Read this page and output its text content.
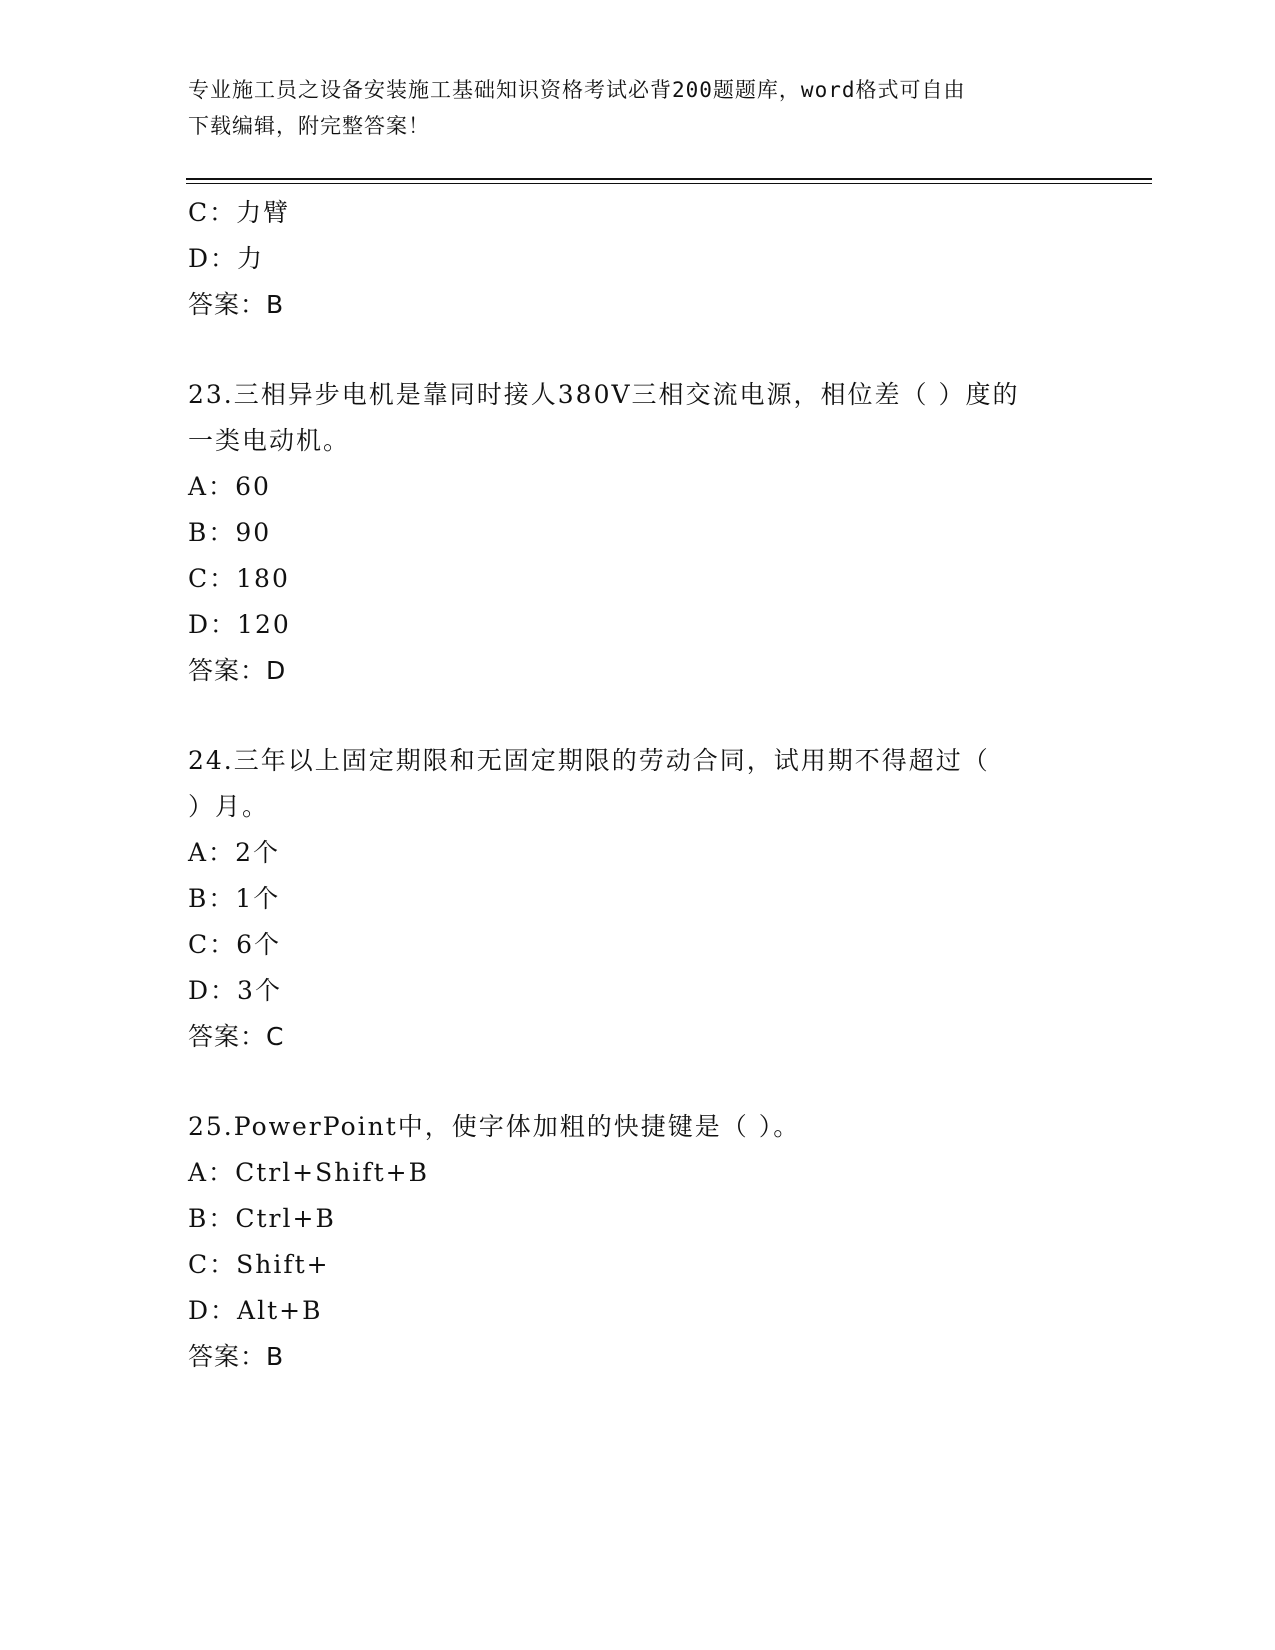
专业施工员之设备安装施工基础知识资格考试必背200题题库，word格式可自由
下载编辑，附完整答案！
C：力臂
D：力
答案：B
23.三相异步电机是靠同时接人380V三相交流电源，相位差（ ）度的
一类电动机。
A：60
B：90
C：180
D：120
答案：D
24.三年以上固定期限和无固定期限的劳动合同，试用期不得超过（
）月。
A：2个
B：1个
C：6个
D：3个
答案：C
25.PowerPoint中，使字体加粗的快捷键是（ ）。
A：Ctrl+Shift+B
B：Ctrl+B
C：Shift+
D：Alt+B
答案：B
